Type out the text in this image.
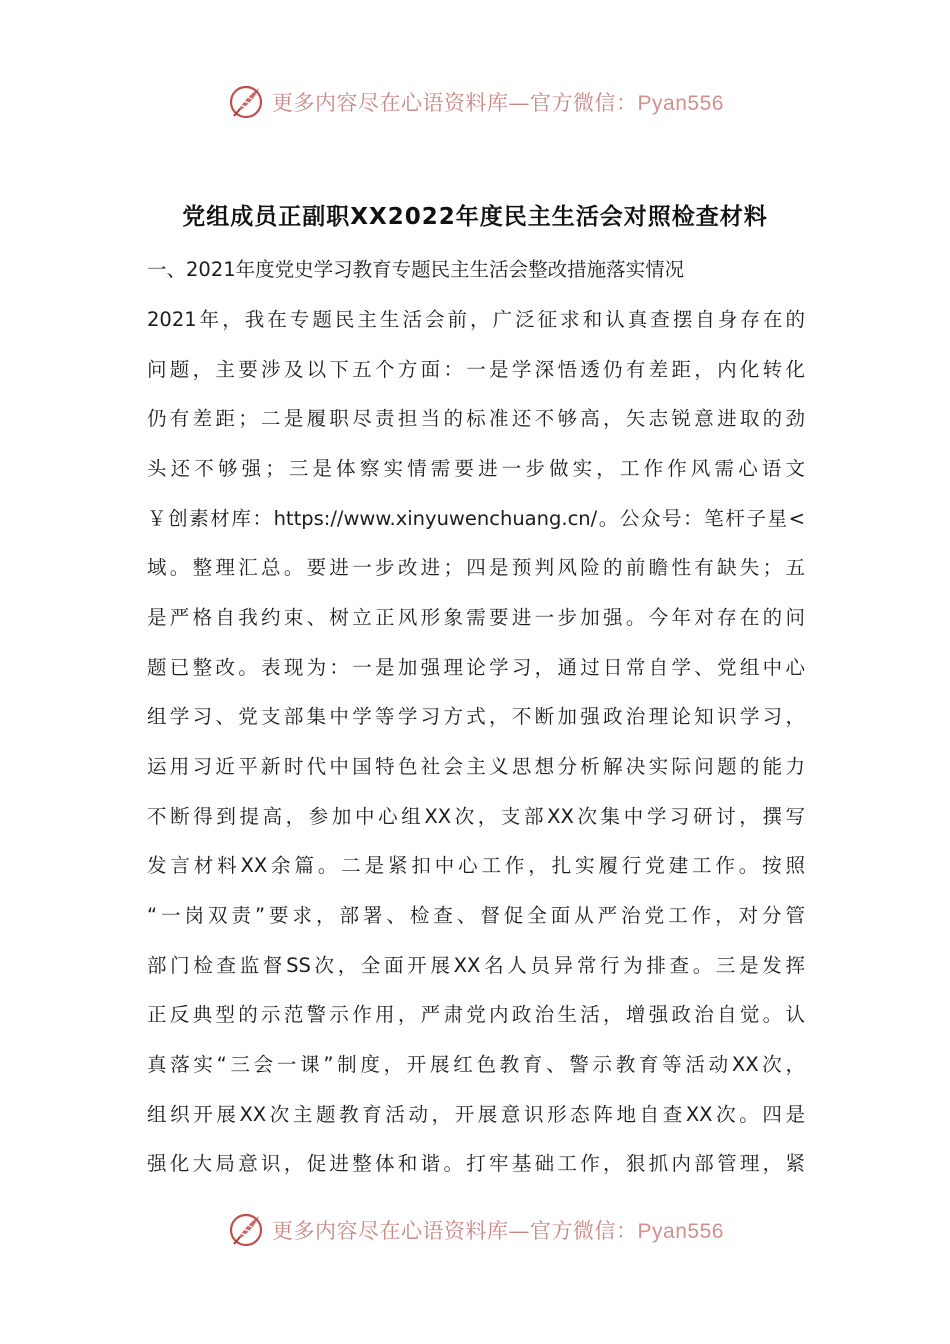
更多内容尽在心语资料库—官方微信：Pyan556
党组成员正副职XX2022年度民主生活会对照检查材料
一、2021年度党史学习教育专题民主生活会整改措施落实情况
2021年，我在专题民主生活会前，广泛征求和认真查摆自身存在的
问题，主要涉及以下五个方面：一是学深悟透仍有差距，内化转化
仍有差距；二是履职尽责担当的标准还不够高，矢志锐意进取的劲
头还不够强；三是体察实情需要进一步做实，工作作风需心语文
￥创素材库：https://www.xinyuwenchuang.cn/。公众号：笔杆子星<
域。整理汇总。要进一步改进；四是预判风险的前瞻性有缺失；五
是严格自我约束、树立正风形象需要进一步加强。今年对存在的问
题已整改。表现为：一是加强理论学习，通过日常自学、党组中心
组学习、党支部集中学等学习方式，不断加强政治理论知识学习，
运用习近平新时代中国特色社会主义思想分析解决实际问题的能力
不断得到提高，参加中心组XX次，支部XX次集中学习研讨，撰写
发言材料XX余篇。二是紧扣中心工作，扎实履行党建工作。按照
“一岗双责”要求，部署、检查、督促全面从严治党工作，对分管
部门检查监督SS次，全面开展XX名人员异常行为排查。三是发挥
正反典型的示范警示作用，严肃党内政治生活，增强政治自觉。认
真落实“三会一课”制度，开展红色教育、警示教育等活动XX次，
组织开展XX次主题教育活动，开展意识形态阵地自查XX次。四是
强化大局意识，促进整体和谐。打牢基础工作，狠抓内部管理，紧
更多内容尽在心语资料库—官方微信：Pyan556
